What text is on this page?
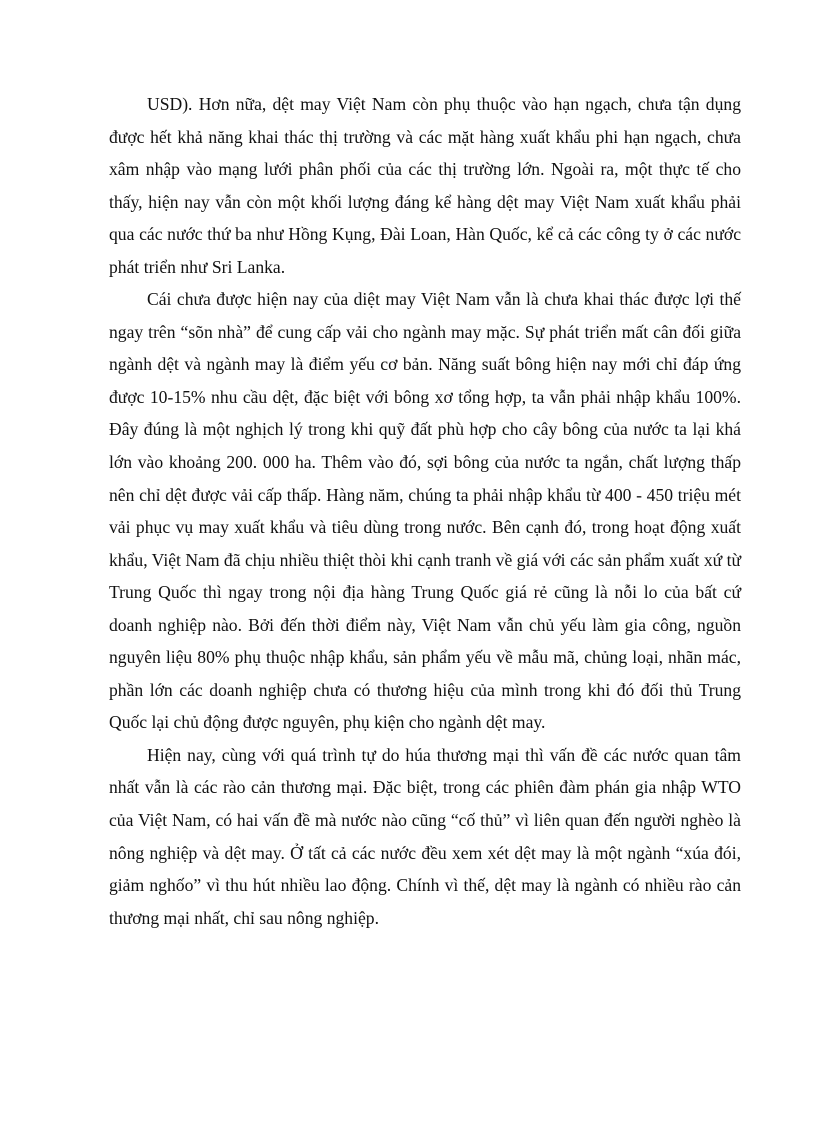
USD). Hơn nữa, dệt may Việt Nam còn phụ thuộc vào hạn ngạch, chưa tận dụng được hết khả năng khai thác thị trường và các mặt hàng xuất khẩu phi hạn ngạch, chưa xâm nhập vào mạng lưới phân phối của các thị trường lớn. Ngoài ra, một thực tế cho thấy, hiện nay vẫn còn một khối lượng đáng kể hàng dệt may Việt Nam xuất khẩu phải qua các nước thứ ba như Hồng Kụng, Đài Loan, Hàn Quốc, kể cả các công ty ở các nước phát triển như Sri Lanka.

Cái chưa được hiện nay của diệt may Việt Nam vẫn là chưa khai thác được lợi thế ngay trên “sõn nhà” để cung cấp vải cho ngành may mặc. Sự phát triển mất cân đối giữa ngành dệt và ngành may là điểm yếu cơ bản. Năng suất bông hiện nay mới chỉ đáp ứng được 10-15% nhu cầu dệt, đặc biệt với bông xơ tổng hợp, ta vẫn phải nhập khẩu 100%. Đây đúng là một nghịch lý trong khi quỹ đất phù hợp cho cây bông của nước ta lại khá lớn vào khoảng 200. 000 ha. Thêm vào đó, sợi bông của nước ta ngắn, chất lượng thấp nên chỉ dệt được vải cấp thấp. Hàng năm, chúng ta phải nhập khẩu từ 400 - 450 triệu mét vải phục vụ may xuất khẩu và tiêu dùng trong nước. Bên cạnh đó, trong hoạt động xuất khẩu, Việt Nam đã chịu nhiều thiệt thòi khi cạnh tranh về giá với các sản phẩm xuất xứ từ Trung Quốc thì ngay trong nội địa hàng Trung Quốc giá rẻ cũng là nỗi lo của bất cứ doanh nghiệp nào. Bởi đến thời điểm này, Việt Nam vẫn chủ yếu làm gia công, nguồn nguyên liệu 80% phụ thuộc nhập khẩu, sản phẩm yếu về mẫu mã, chủng loại, nhãn mác, phần lớn các doanh nghiệp chưa có thương hiệu của mình trong khi đó đối thủ Trung Quốc lại chủ động được nguyên, phụ kiện cho ngành dệt may.

Hiện nay, cùng với quá trình tự do húa thương mại thì vấn đề các nước quan tâm nhất vẫn là các rào cản thương mại. Đặc biệt, trong các phiên đàm phán gia nhập WTO của Việt Nam, có hai vấn đề mà nước nào cũng “cố thủ” vì liên quan đến người nghèo là nông nghiệp và dệt may. Ở tất cả các nước đều xem xét dệt may là một ngành “xúa đói, giảm nghốo” vì thu hút nhiều lao động. Chính vì thế, dệt may là ngành có nhiều rào cản thương mại nhất, chỉ sau nông nghiệp.
